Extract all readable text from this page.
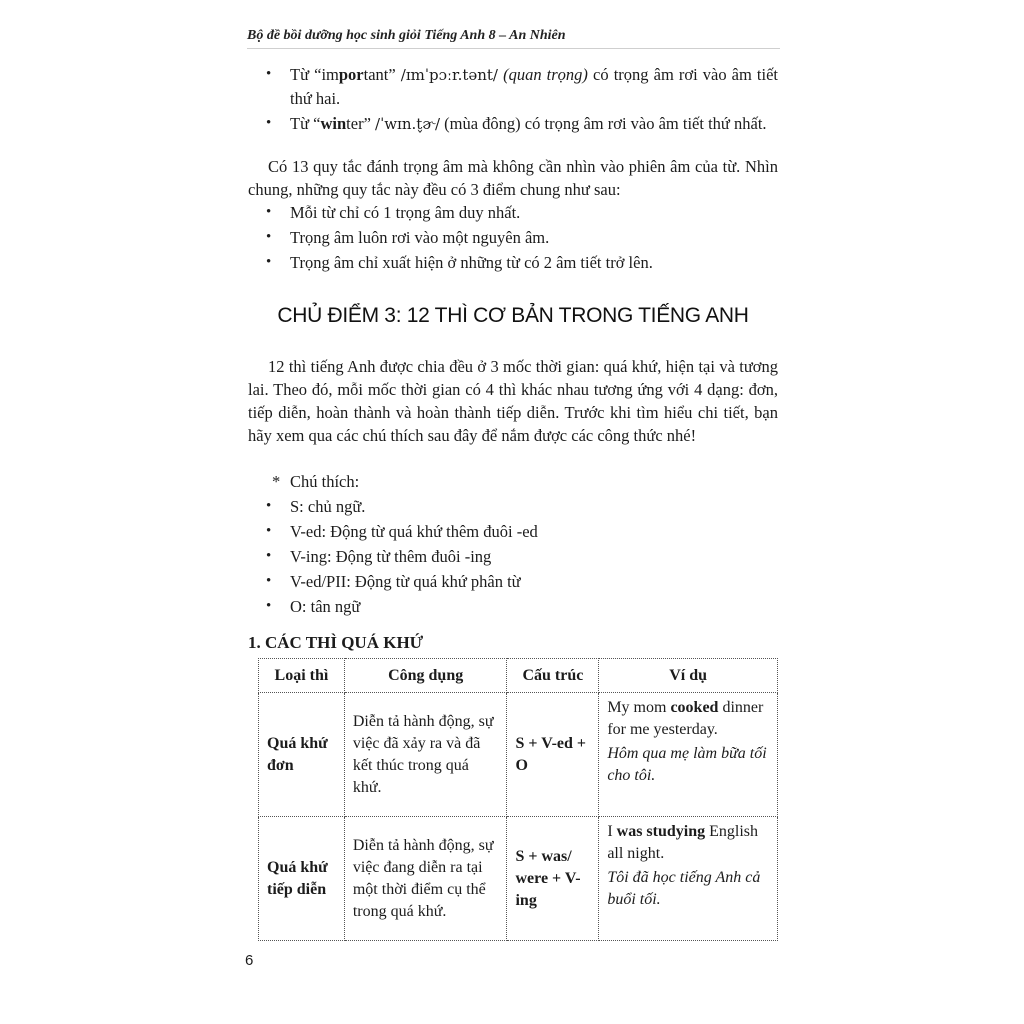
Bộ đề bồi dưỡng học sinh giỏi Tiếng Anh 8 – An Nhiên
• Từ “important” /ɪmˈpɔːr.tənt/ (quan trọng) có trọng âm rơi vào âm tiết thứ hai.
• Từ “winter” /ˈwɪn.t̬ɚ/ (mùa đông) có trọng âm rơi vào âm tiết thứ nhất.

Có 13 quy tắc đánh trọng âm mà không cần nhìn vào phiên âm của từ. Nhìn chung, những quy tắc này đều có 3 điểm chung như sau:

• Mỗi từ chỉ có 1 trọng âm duy nhất.
• Trọng âm luôn rơi vào một nguyên âm.
• Trọng âm chỉ xuất hiện ở những từ có 2 âm tiết trở lên.
CHỦ ĐIỂM 3: 12 THÌ CƠ BẢN TRONG TIẾNG ANH

12 thì tiếng Anh được chia đều ở 3 mốc thời gian: quá khứ, hiện tại và tương lai. Theo đó, mỗi mốc thời gian có 4 thì khác nhau tương ứng với 4 dạng: đơn, tiếp diễn, hoàn thành và hoàn thành tiếp diễn. Trước khi tìm hiểu chi tiết, bạn hãy xem qua các chú thích sau đây để nắm được các công thức nhé!

* Chú thích:
• S: chủ ngữ.
• V-ed: Động từ quá khứ thêm đuôi -ed
• V-ing: Động từ thêm đuôi -ing
• V-ed/PII: Động từ quá khứ phân từ
• O: tân ngữ
1. CÁC THÌ QUÁ KHỨ
Loại thì	Công dụng	Cấu trúc	Ví dụ
Quá khứ đơn	Diễn tả hành động, sự việc đã xảy ra và đã kết thúc trong quá khứ.	S + V-ed + O	My mom cooked dinner for me yesterday.
Hôm qua mẹ làm bữa tối cho tôi.

Quá khứ tiếp diễn	Diễn tả hành động, sự việc đang diễn ra tại một thời điểm cụ thể trong quá khứ.	S + was/ were + V-ing	I was studying English all night.
Tôi đã học tiếng Anh cả buổi tối.
6
